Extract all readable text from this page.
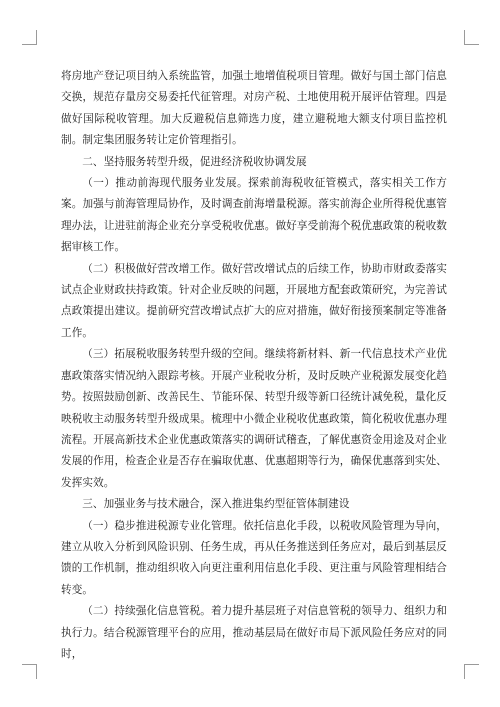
将房地产登记项目纳入系统监管，加强土地增值税项目管理。做好与国土部门信息交换，规范存量房交易委托代征管理。对房产税、土地使用税开展评估管理。四是做好国际税收管理。加大反避税信息筛选力度，建立避税地大额支付项目监控机制。制定集团服务转让定价管理指引。

二、坚持服务转型升级，促进经济税收协调发展

（一）推动前海现代服务业发展。探索前海税收征管模式，落实相关工作方案。加强与前海管理局协作，及时调查前海增量税源。落实前海企业所得税优惠管理办法，让进驻前海企业充分享受税收优惠。做好享受前海个税优惠政策的税收数据审核工作。

（二）积极做好营改增工作。做好营改增试点的后续工作，协助市财政委落实试点企业财政扶持政策。针对企业反映的问题，开展地方配套政策研究，为完善试点政策提出建议。提前研究营改增试点扩大的应对措施，做好衔接预案制定等准备工作。

（三）拓展税收服务转型升级的空间。继续将新材料、新一代信息技术产业优惠政策落实情况纳入跟踪考核。开展产业税收分析，及时反映产业税源发展变化趋势。按照鼓励创新、改善民生、节能环保、转型升级等新口径统计减免税，量化反映税收主动服务转型升级成果。梳理中小微企业税收优惠政策，简化税收优惠办理流程。开展高新技术企业优惠政策落实的调研试稽查，了解优惠资金用途及对企业发展的作用，检查企业是否存在骗取优惠、优惠超期等行为，确保优惠落到实处、发挥实效。

三、加强业务与技术融合，深入推进集约型征管体制建设

（一）稳步推进税源专业化管理。依托信息化手段，以税收风险管理为导向，建立从收入分析到风险识别、任务生成，再从任务推送到任务应对，最后到基层反馈的工作机制，推动组织收入向更注重利用信息化手段、更注重与风险管理相结合转变。

（二）持续强化信息管税。着力提升基层班子对信息管税的领导力、组织力和执行力。结合税源管理平台的应用，推动基层局在做好市局下派风险任务应对的同时，
